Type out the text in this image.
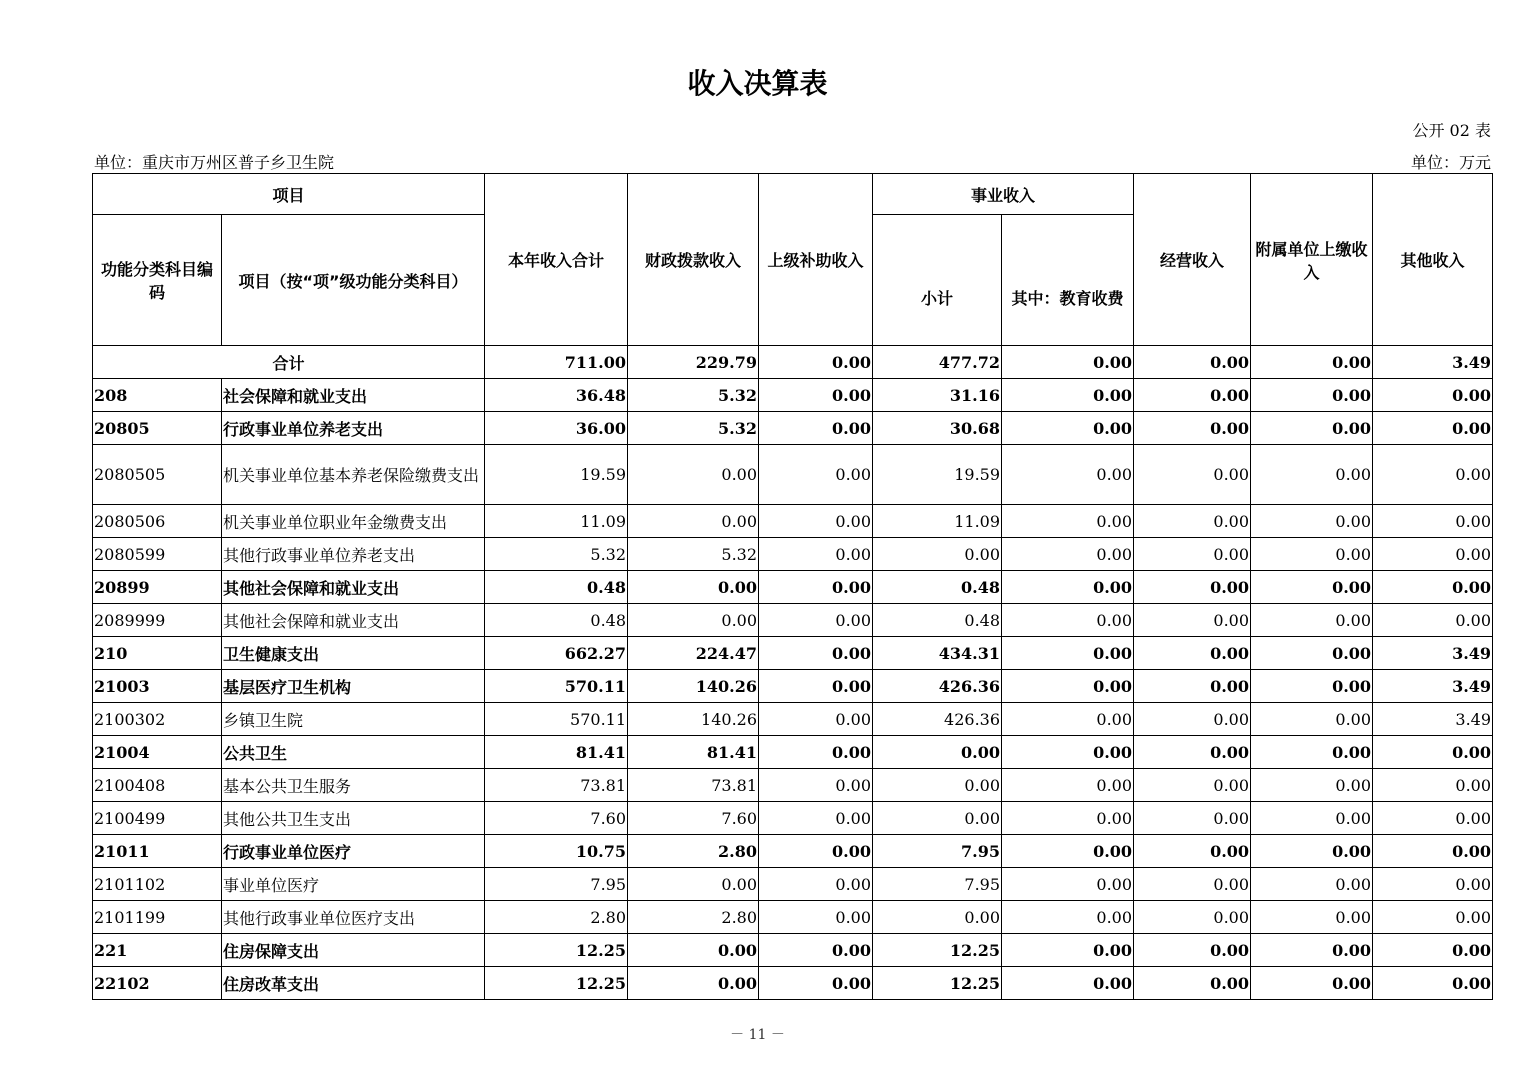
收入决算表
公开 02 表
单位：重庆市万州区普子乡卫生院	单位：万元
项目		本年收入合计	财政拨款收入	上级补助收入	事业收入		经营收入	附属单位上缴收入	其他收入
功能分类科目编码	项目（按“项”级功能分类科目）				小计	其中：教育收费			
合计		711.00	229.79	0.00	477.72	0.00	0.00	0.00	3.49
208	社会保障和就业支出	36.48	5.32	0.00	31.16	0.00	0.00	0.00	0.00
20805	行政事业单位养老支出	36.00	5.32	0.00	30.68	0.00	0.00	0.00	0.00
2080505	机关事业单位基本养老保险缴费支出	19.59	0.00	0.00	19.59	0.00	0.00	0.00	0.00
2080506	机关事业单位职业年金缴费支出	11.09	0.00	0.00	11.09	0.00	0.00	0.00	0.00
2080599	其他行政事业单位养老支出	5.32	5.32	0.00	0.00	0.00	0.00	0.00	0.00
20899	其他社会保障和就业支出	0.48	0.00	0.00	0.48	0.00	0.00	0.00	0.00
2089999	其他社会保障和就业支出	0.48	0.00	0.00	0.48	0.00	0.00	0.00	0.00
210	卫生健康支出	662.27	224.47	0.00	434.31	0.00	0.00	0.00	3.49
21003	基层医疗卫生机构	570.11	140.26	0.00	426.36	0.00	0.00	0.00	3.49
2100302	乡镇卫生院	570.11	140.26	0.00	426.36	0.00	0.00	0.00	3.49
21004	公共卫生	81.41	81.41	0.00	0.00	0.00	0.00	0.00	0.00
2100408	基本公共卫生服务	73.81	73.81	0.00	0.00	0.00	0.00	0.00	0.00
2100499	其他公共卫生支出	7.60	7.60	0.00	0.00	0.00	0.00	0.00	0.00
21011	行政事业单位医疗	10.75	2.80	0.00	7.95	0.00	0.00	0.00	0.00
2101102	事业单位医疗	7.95	0.00	0.00	7.95	0.00	0.00	0.00	0.00
2101199	其他行政事业单位医疗支出	2.80	2.80	0.00	0.00	0.00	0.00	0.00	0.00
221	住房保障支出	12.25	0.00	0.00	12.25	0.00	0.00	0.00	0.00
22102	住房改革支出	12.25	0.00	0.00	12.25	0.00	0.00	0.00	0.00
－ 11 －
